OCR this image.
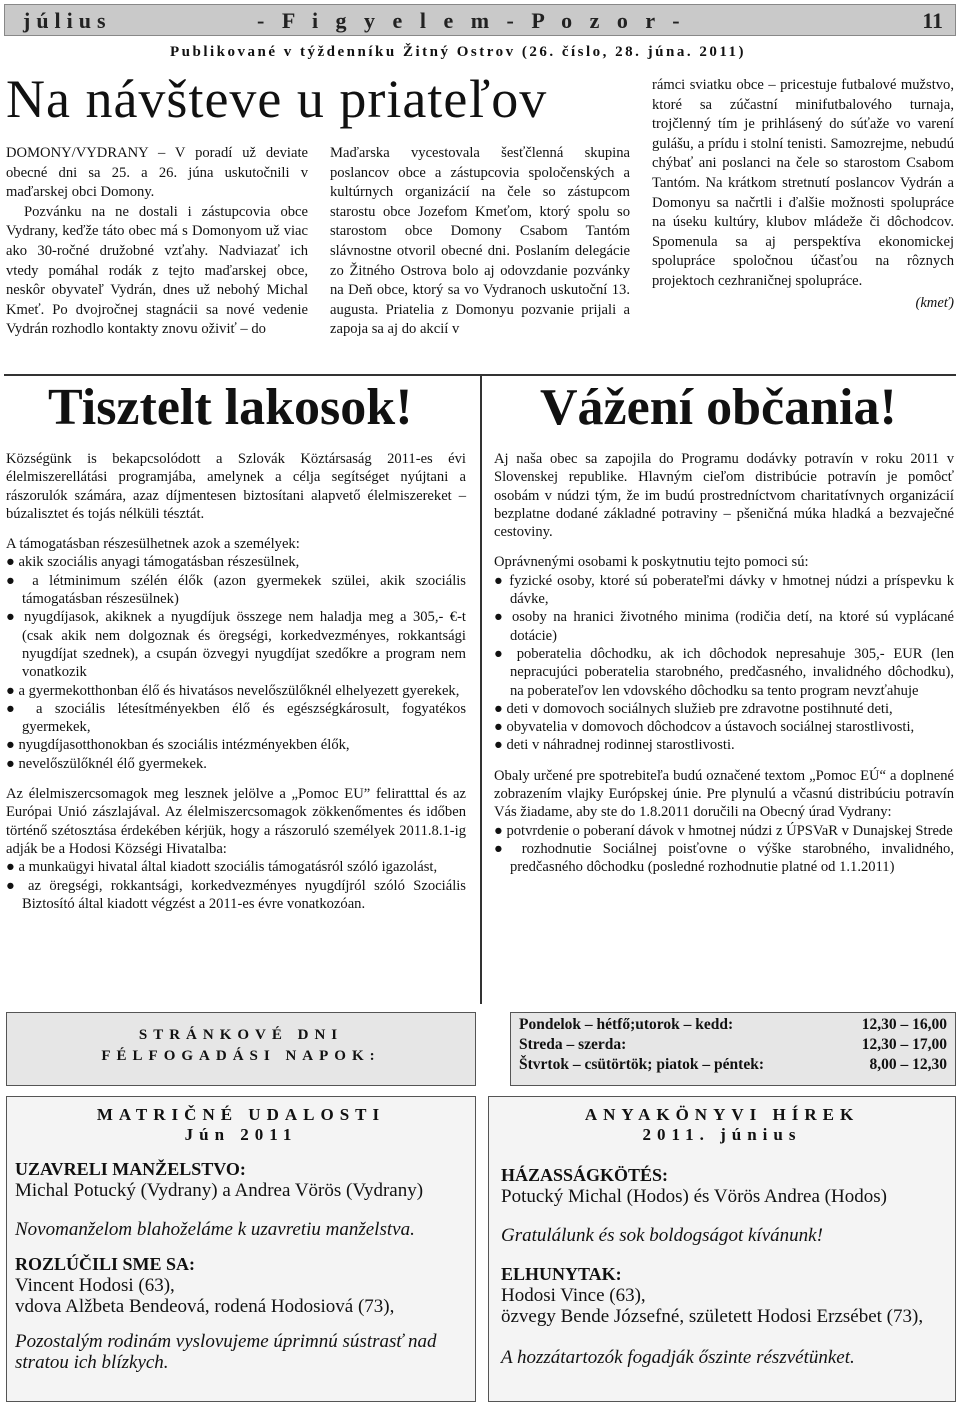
július	- F i g y e l e m - P o z o r -	11
Publikované v týždenníku Žitný Ostrov (26. číslo, 28. júna. 2011)
Na návšteve u priateľov

DOMONY/VYDRANY – V poradí už deviate obecné dni sa 25. a 26. júna uskutočnili v maďarskej obci Domony.

Pozvánku na ne dostali i zástupcovia obce Vydrany, keďže táto obec má s Domonyom už viac ako 30-ročné družobné vzťahy. Nadviazať ich vtedy pomáhal rodák z tejto maďarskej obce, neskôr obyvateľ Vydrán, dnes už nebohý Michal Kmeť. Po dvojročnej stagnácii sa nové vedenie Vydrán rozhodlo kontakty znovu oživiť – do

Maďarska vycestovala šesťčlenná skupina poslancov obce a zástupcovia spoločenských a kultúrnych organizácií na čele so zástupcom starostu obce Jozefom Kmeťom, ktorý spolu so starostom obce Domony Csabom Tantóm slávnostne otvoril obecné dni. Poslaním delegácie zo Žitného Ostrova bolo aj odovzdanie pozvánky na Deň obce, ktorý sa vo Vydranoch uskutoční 13. augusta. Priatelia z Domonyu pozvanie prijali a zapoja sa aj do akcií v

rámci sviatku obce – pricestuje futbalové mužstvo, ktoré sa zúčastní minifutbalového turnaja, trojčlenný tím je prihlásený do súťaže vo varení gulášu, a prídu i stolní tenisti. Samozrejme, nebudú chýbať ani poslanci na čele so starostom Csabom Tantóm. Na krátkom stretnutí poslancov Vydrán a Domonyu sa načrtli i ďalšie možnosti spolupráce na úseku kultúry, klubov mládeže či dôchodcov. Spomenula sa aj perspektíva ekonomickej spolupráce spoločnou účasťou na rôznych projektoch cezhraničnej spolupráce.

(kmeť)

Tisztelt lakosok!

Községünk is bekapcsolódott a Szlovák Köztársaság 2011-es évi élelmiszerellátási programjába, amelynek a célja segítséget nyújtani a rászorulók számára, azaz díjmentesen biztosítani alapvető élelmiszereket – búzalisztet és tojás nélküli tésztát.

A támogatásban részesülhetnek azok a személyek:

● akik szociális anyagi támogatásban részesülnek,

● a létminimum szélén élők (azon gyermekek szülei, akik szociális támogatásban részesülnek)

● nyugdíjasok, akiknek a nyugdíjuk összege nem haladja meg a 305,- €-t (csak akik nem dolgoznak és öregségi, korkedvezményes, rokkantsági nyugdíjat szednek), a csupán özvegyi nyugdíjat szedőkre a program nem vonatkozik

● a gyermekotthonban élő és hivatásos nevelőszülőknél elhelyezett gyerekek,

● a szociális létesítményekben élő és egészségkárosult, fogyatékos gyermekek,

● nyugdíjasotthonokban és szociális intézményekben élők,

● nevelőszülőknél élő gyermekek.

Az élelmiszercsomagok meg lesznek jelölve a „Pomoc EU” feliratttal és az Európai Unió zászlajával. Az élelmiszercsomagok zökkenőmentes és időben történő szétosztása érdekében kérjük, hogy a rászoruló személyek 2011.8.1-ig adják be a Hodosi Községi Hivatalba:

● a munkaügyi hivatal által kiadott szociális támogatásról szóló igazolást,

● az öregségi, rokkantsági, korkedvezményes nyugdíjról szóló Szociális Biztosító által kiadott végzést a 2011-es évre vonatkozóan.

Vážení občania!

Aj naša obec sa zapojila do Programu dodávky potravín v roku 2011 v Slovenskej republike. Hlavným cieľom distribúcie potravín je pomôcť osobám v núdzi tým, že im budú prostredníctvom charitatívnych organizácií bezplatne dodané základné potraviny – pšeničná múka hladká a bezvaječné cestoviny.

Oprávnenými osobami k poskytnutiu tejto pomoci sú:

● fyzické osoby, ktoré sú poberateľmi dávky v hmotnej núdzi a príspevku k dávke,

● osoby na hranici životného minima (rodičia detí, na ktoré sú vyplácané dotácie)

● poberatelia dôchodku, ak ich dôchodok nepresahuje 305,- EUR (len nepracujúci poberatelia starobného, predčasného, invalidného dôchodku), na poberateľov len vdovského dôchodku sa tento program nevzťahuje

● deti v domovoch sociálnych služieb pre zdravotne postihnuté deti,

● obyvatelia v domovoch dôchodcov a ústavoch sociálnej starostlivosti,

● deti v náhradnej rodinnej starostlivosti.

Obaly určené pre spotrebiteľa budú označené textom „Pomoc EÚ“ a doplnené zobrazením vlajky Európskej únie. Pre plynulú a včasnú distribúciu potravín Vás žiadame, aby ste do 1.8.2011 doručili na Obecný úrad Vydrany:

● potvrdenie o poberaní dávok v hmotnej núdzi z ÚPSVaR v Dunajskej Strede

● rozhodnutie Sociálnej poisťovne o výške starobného, invalidného, predčasného dôchodku (posledné rozhodnutie platné od 1.1.2011)

STRÁNKOVÉ DNI
FÉLFOGADÁSI NAPOK:
Pondelok – hétfő;utorok – kedd:	12,30 – 16,00
Streda – szerda:	12,30 – 17,00
Štvrtok – csütörtök; piatok – péntek:	8,00 – 12,30
MATRIČNÉ UDALOSTI
Jún 2011
UZAVRELI MANŽELSTVO:
Michal Potucký (Vydrany) a Andrea Vörös (Vydrany)
Novomanželom blahoželáme k uzavretiu manželstva.
ROZLÚČILI SME SA:
Vincent Hodosi (63),
vdova Alžbeta Bendeová, rodená Hodosiová (73),
Pozostalým rodinám vyslovujeme úprimnú sústrasť nad stratou ich blízkych.
ANYAKÖNYVI HÍREK
2011. június
HÁZASSÁGKÖTÉS:
Potucký Michal (Hodos) és Vörös Andrea (Hodos)
Gratulálunk és sok boldogságot kívánunk!
ELHUNYTAK:
Hodosi Vince (63),
özvegy Bende Józsefné, született Hodosi Erzsébet (73),
A hozzátartozók fogadják őszinte részvétünket.
